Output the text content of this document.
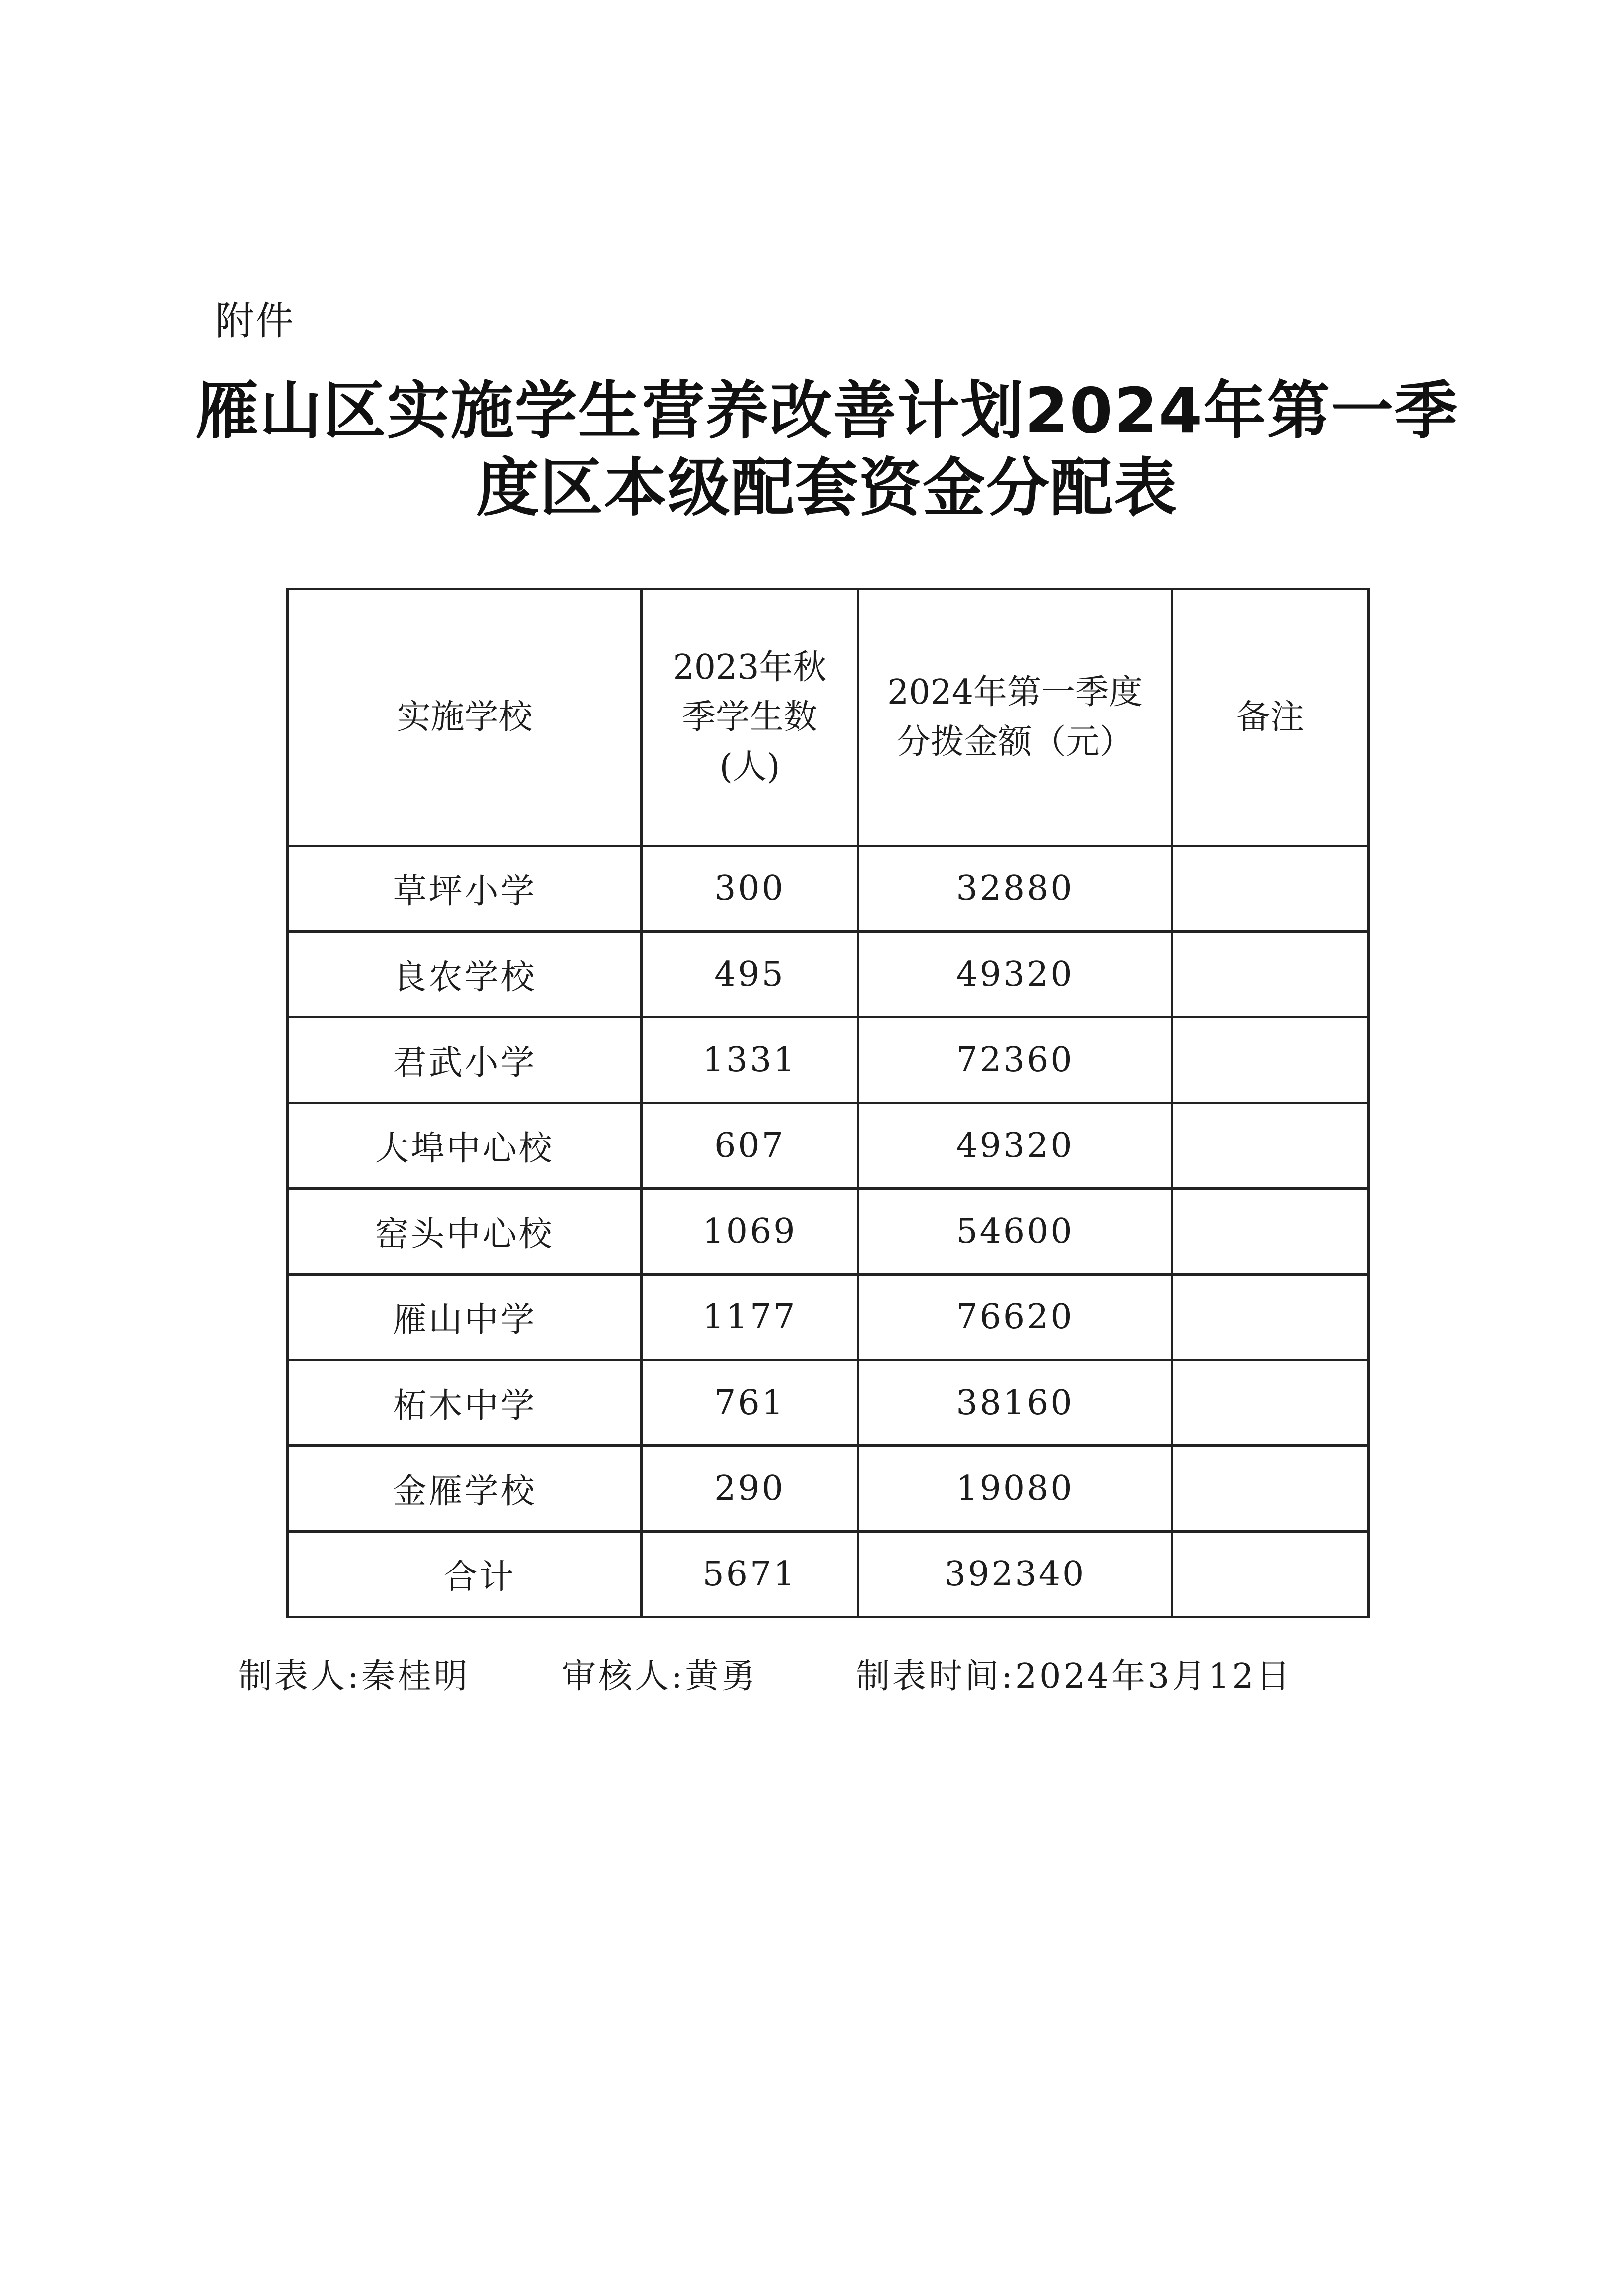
附件
雁山区实施学生营养改善计划2024年第一季
度区本级配套资金分配表
实施学校	2023年秋季学生数(人)	2024年第一季度分拨金额（元）	备注
草坪小学	300	32880	
良农学校	495	49320	
君武小学	1331	72360	
大埠中心校	607	49320	
窑头中心校	1069	54600	
雁山中学	1177	76620	
柘木中学	761	38160	
金雁学校	290	19080	
合计	5671	392340	
制表人:秦桂明	审核人:黄勇	制表时间:2024年3月12日
